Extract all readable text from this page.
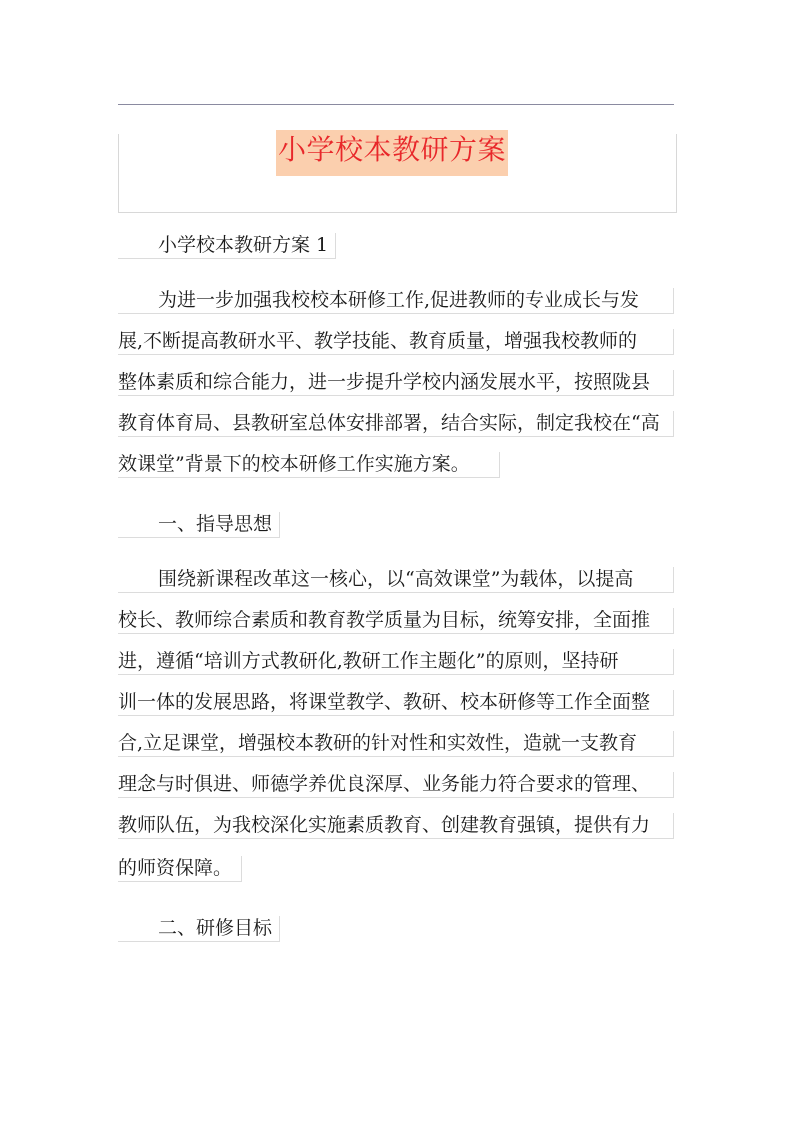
小学校本教研方案
小学校本教研方案 1
为进一步加强我校校本研修工作,促进教师的专业成长与发
展,不断提高教研水平、教学技能、教育质量，增强我校教师的
整体素质和综合能力，进一步提升学校内涵发展水平，按照陇县
教育体育局、县教研室总体安排部署，结合实际，制定我校在“高
效课堂”背景下的校本研修工作实施方案。
一、指导思想
围绕新课程改革这一核心，以“高效课堂”为载体，以提高
校长、教师综合素质和教育教学质量为目标，统筹安排，全面推
进，遵循“培训方式教研化,教研工作主题化”的原则，坚持研
训一体的发展思路，将课堂教学、教研、校本研修等工作全面整
合,立足课堂，增强校本教研的针对性和实效性，造就一支教育
理念与时俱进、师德学养优良深厚、业务能力符合要求的管理、
教师队伍，为我校深化实施素质教育、创建教育强镇，提供有力
的师资保障。
二、研修目标
